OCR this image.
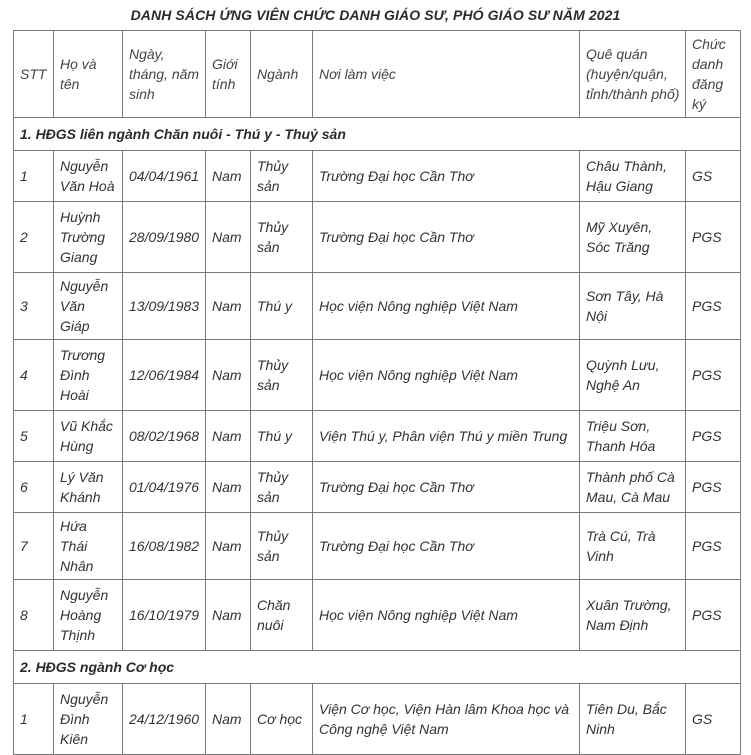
DANH SÁCH ỨNG VIÊN CHỨC DANH GIÁO SƯ, PHÓ GIÁO SƯ NĂM 2021
STT	Họ và tên	Ngày, tháng, năm sinh	Giới tính	Ngành	Nơi làm việc	Quê quán (huyện/quận, tỉnh/thành phố)	Chức danh đăng ký
1. HĐGS liên ngành Chăn nuôi - Thú y - Thuỷ sản							
1	Nguyễn Văn Hoà	04/04/1961	Nam	Thủy sản	Trường Đại học Cần Thơ	Châu Thành, Hậu Giang	GS
2	Huỳnh Trường Giang	28/09/1980	Nam	Thủy sản	Trường Đại học Cần Thơ	Mỹ Xuyên, Sóc Trăng	PGS
3	Nguyễn Văn Giáp	13/09/1983	Nam	Thú y	Học viện Nông nghiệp Việt Nam	Sơn Tây, Hà Nội	PGS
4	Trương Đình Hoài	12/06/1984	Nam	Thủy sản	Học viện Nông nghiệp Việt Nam	Quỳnh Lưu, Nghệ An	PGS
5	Vũ Khắc Hùng	08/02/1968	Nam	Thú y	Viện Thú y, Phân viện Thú y miền Trung	Triệu Sơn, Thanh Hóa	PGS
6	Lý Văn Khánh	01/04/1976	Nam	Thủy sản	Trường Đại học Cần Thơ	Thành phố Cà Mau, Cà Mau	PGS
7	Hứa Thái Nhân	16/08/1982	Nam	Thủy sản	Trường Đại học Cần Thơ	Trà Cú, Trà Vinh	PGS
8	Nguyễn Hoàng Thịnh	16/10/1979	Nam	Chăn nuôi	Học viện Nông nghiệp Việt Nam	Xuân Trường, Nam Định	PGS
2. HĐGS ngành Cơ học							
1	Nguyễn Đình Kiên	24/12/1960	Nam	Cơ học	Viện Cơ học, Viện Hàn lâm Khoa học và Công nghệ Việt Nam	Tiên Du, Bắc Ninh	GS
